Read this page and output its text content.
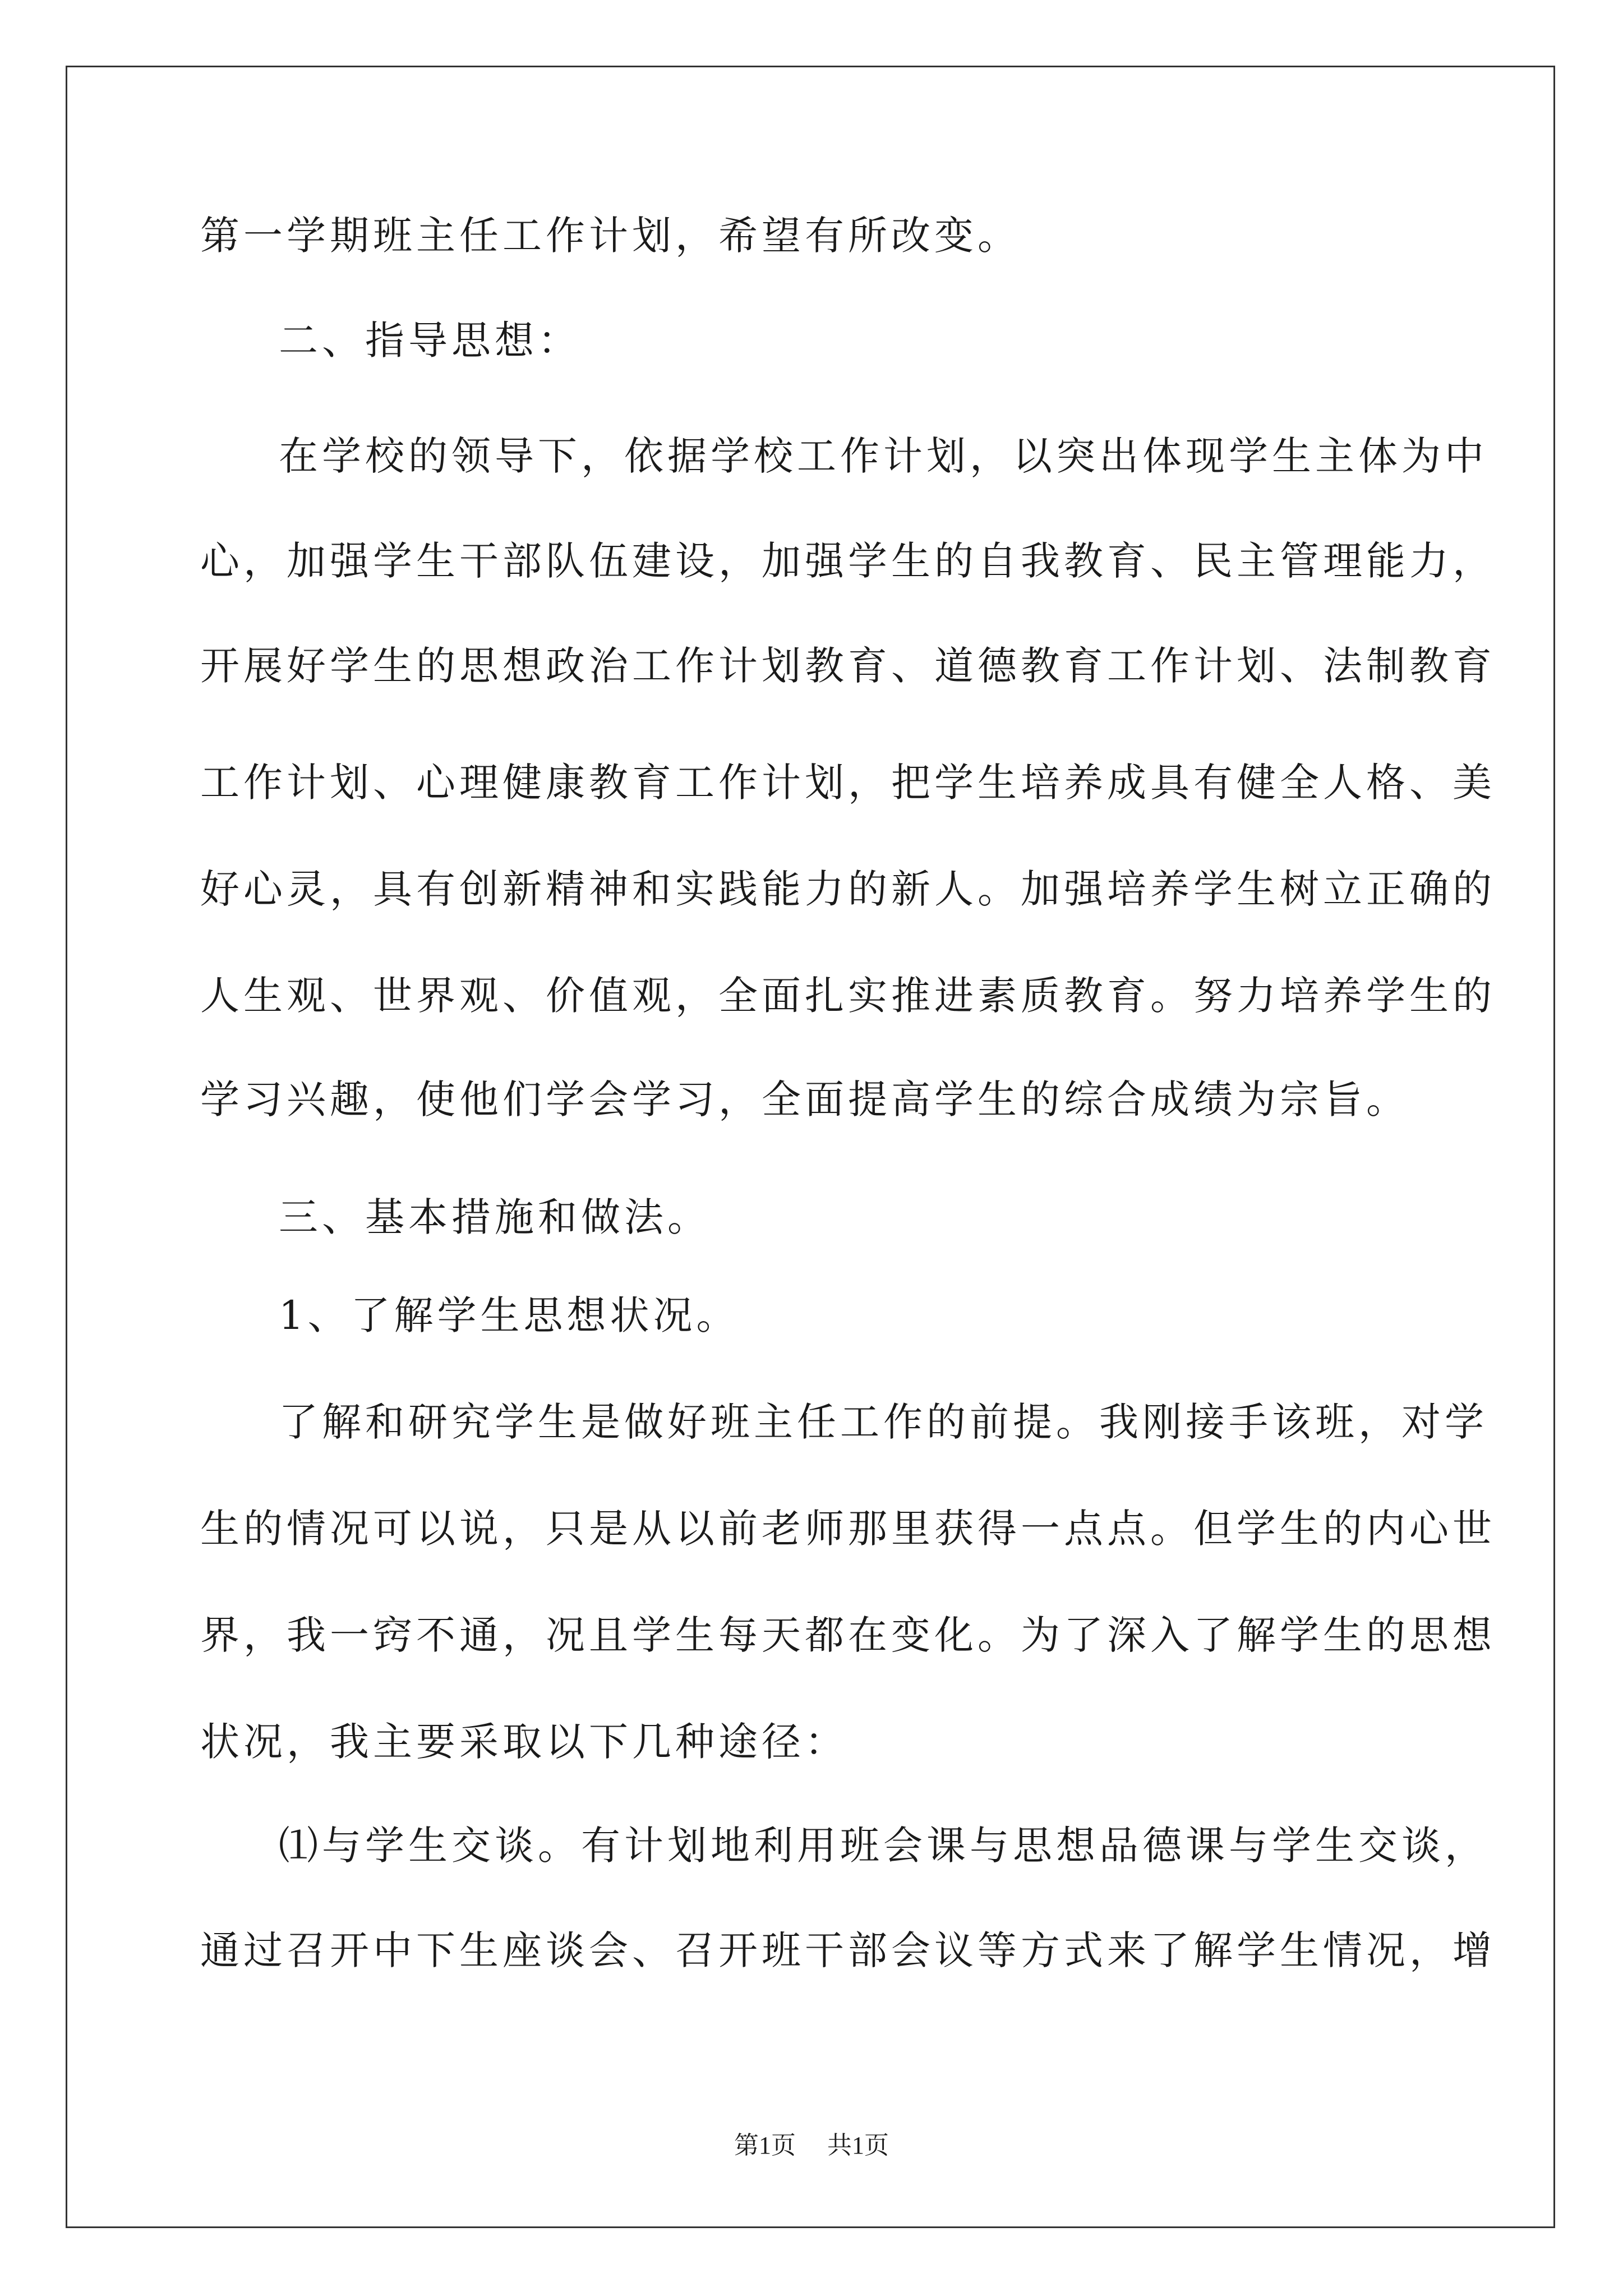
第一学期班主任工作计划，希望有所改变。

二、指导思想：

在学校的领导下，依据学校工作计划，以突出体现学生主体为中

心，加强学生干部队伍建设，加强学生的自我教育、民主管理能力，

开展好学生的思想政治工作计划教育、道德教育工作计划、法制教育

工作计划、心理健康教育工作计划，把学生培养成具有健全人格、美

好心灵，具有创新精神和实践能力的新人。加强培养学生树立正确的

人生观、世界观、价值观，全面扎实推进素质教育。努力培养学生的

学习兴趣，使他们学会学习，全面提高学生的综合成绩为宗旨。

三、基本措施和做法。

1、了解学生思想状况。

了解和研究学生是做好班主任工作的前提。我刚接手该班，对学

生的情况可以说，只是从以前老师那里获得一点点。但学生的内心世

界，我一窍不通，况且学生每天都在变化。为了深入了解学生的思想

状况，我主要采取以下几种途径：

⑴与学生交谈。有计划地利用班会课与思想品德课与学生交谈，

通过召开中下生座谈会、召开班干部会议等方式来了解学生情况，增

第1页 共1页
